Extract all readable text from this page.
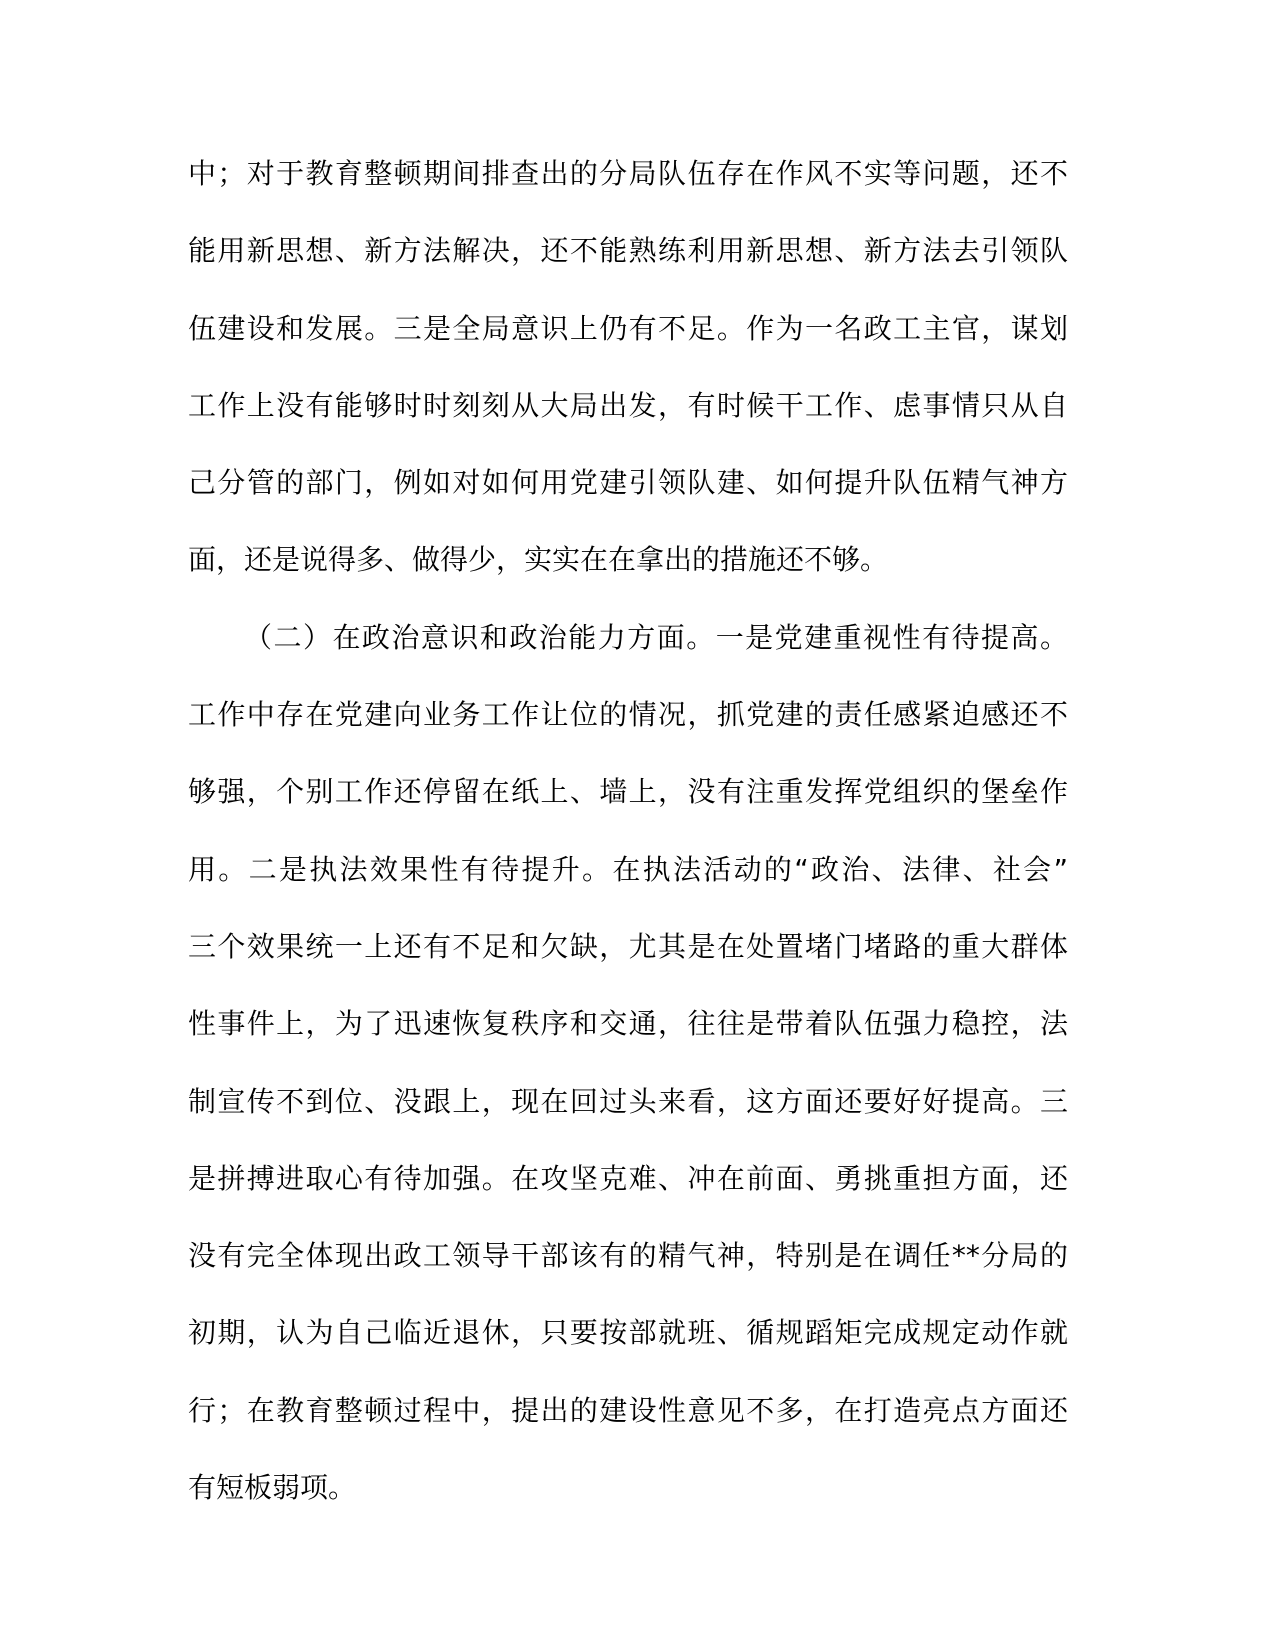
中；对于教育整顿期间排查出的分局队伍存在作风不实等问题，还不
能用新思想、新方法解决，还不能熟练利用新思想、新方法去引领队
伍建设和发展。三是全局意识上仍有不足。作为一名政工主官，谋划
工作上没有能够时时刻刻从大局出发，有时候干工作、虑事情只从自
己分管的部门，例如对如何用党建引领队建、如何提升队伍精气神方
面，还是说得多、做得少，实实在在拿出的措施还不够。
（二）在政治意识和政治能力方面。一是党建重视性有待提高。
工作中存在党建向业务工作让位的情况，抓党建的责任感紧迫感还不
够强，个别工作还停留在纸上、墙上，没有注重发挥党组织的堡垒作
用。二是执法效果性有待提升。在执法活动的“政治、法律、社会”
三个效果统一上还有不足和欠缺，尤其是在处置堵门堵路的重大群体
性事件上，为了迅速恢复秩序和交通，往往是带着队伍强力稳控，法
制宣传不到位、没跟上，现在回过头来看，这方面还要好好提高。三
是拼搏进取心有待加强。在攻坚克难、冲在前面、勇挑重担方面，还
没有完全体现出政工领导干部该有的精气神，特别是在调任**分局的
初期，认为自己临近退休，只要按部就班、循规蹈矩完成规定动作就
行；在教育整顿过程中，提出的建设性意见不多，在打造亮点方面还
有短板弱项。
